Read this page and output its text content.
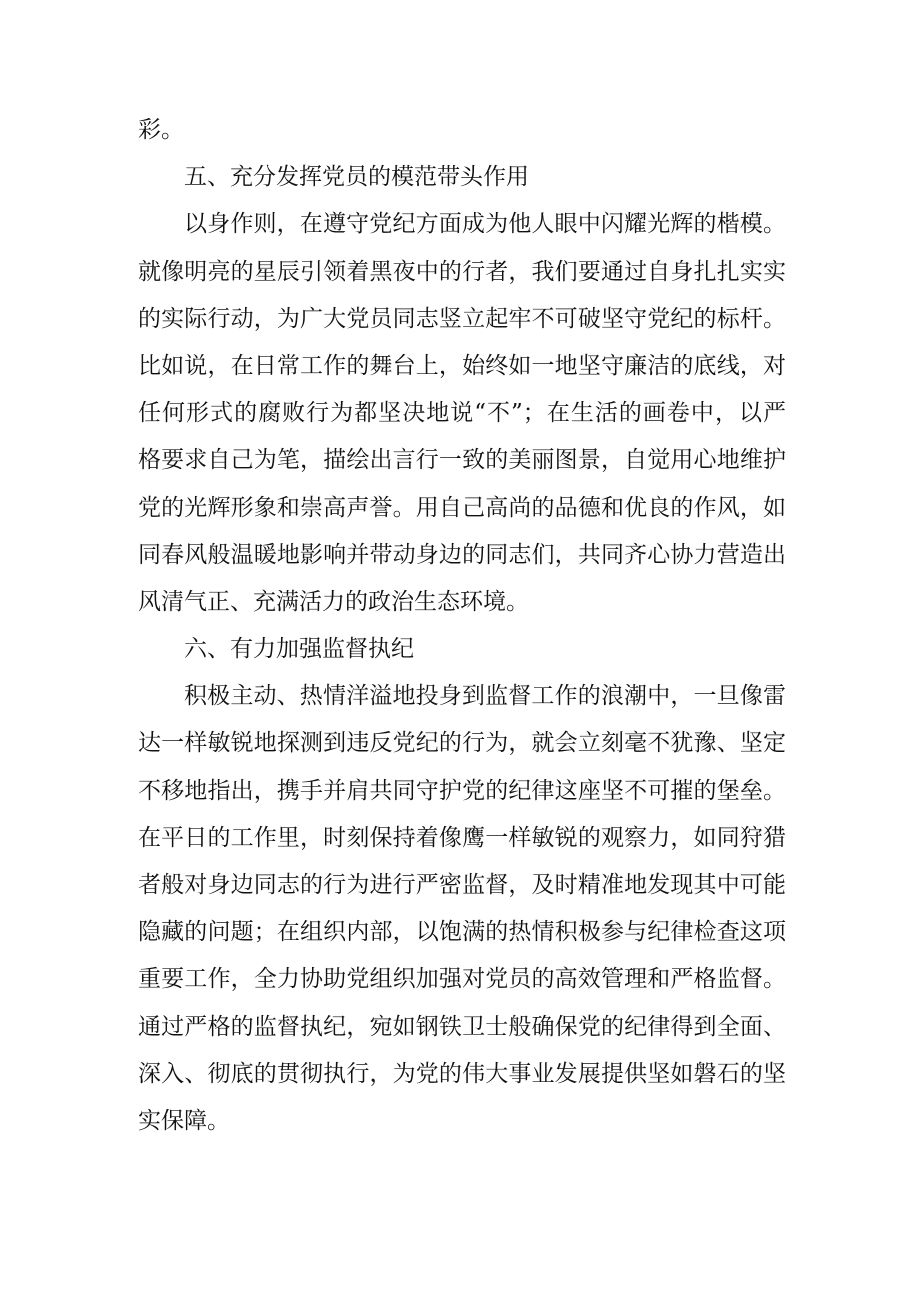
彩。
五、充分发挥党员的模范带头作用
以身作则，在遵守党纪方面成为他人眼中闪耀光辉的楷模。
就像明亮的星辰引领着黑夜中的行者，我们要通过自身扎扎实实
的实际行动，为广大党员同志竖立起牢不可破坚守党纪的标杆。
比如说，在日常工作的舞台上，始终如一地坚守廉洁的底线，对
任何形式的腐败行为都坚决地说“不”；在生活的画卷中，以严
格要求自己为笔，描绘出言行一致的美丽图景，自觉用心地维护
党的光辉形象和崇高声誉。用自己高尚的品德和优良的作风，如
同春风般温暖地影响并带动身边的同志们，共同齐心协力营造出
风清气正、充满活力的政治生态环境。
六、有力加强监督执纪
积极主动、热情洋溢地投身到监督工作的浪潮中，一旦像雷
达一样敏锐地探测到违反党纪的行为，就会立刻毫不犹豫、坚定
不移地指出，携手并肩共同守护党的纪律这座坚不可摧的堡垒。
在平日的工作里，时刻保持着像鹰一样敏锐的观察力，如同狩猎
者般对身边同志的行为进行严密监督，及时精准地发现其中可能
隐藏的问题；在组织内部，以饱满的热情积极参与纪律检查这项
重要工作，全力协助党组织加强对党员的高效管理和严格监督。
通过严格的监督执纪，宛如钢铁卫士般确保党的纪律得到全面、
深入、彻底的贯彻执行，为党的伟大事业发展提供坚如磐石的坚
实保障。
